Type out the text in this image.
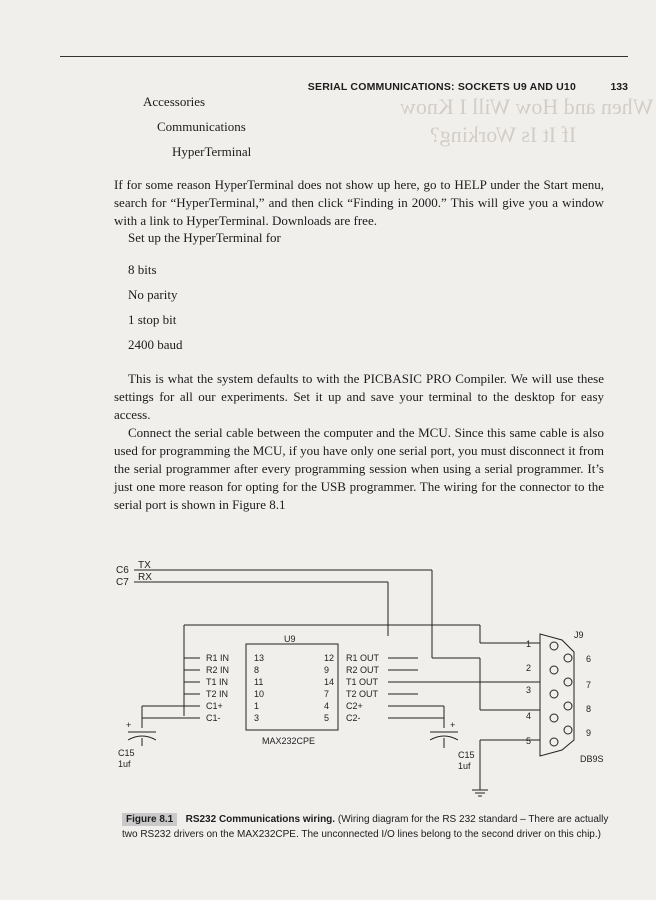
When and How Will I Know
If It Is Working?
SERIAL COMMUNICATIONS: SOCKETS U9 AND U10	133
Accessories
Communications
HyperTerminal

If for some reason HyperTerminal does not show up here, go to HELP under the Start menu, search for “HyperTerminal,” and then click “Finding in 2000.” This will give you a window with a link to HyperTerminal. Downloads are free.

Set up the HyperTerminal for
8 bits
No parity
1 stop bit
2400 baud

This is what the system defaults to with the PICBASIC PRO Compiler. We will use these settings for all our experiments. Set it up and save your terminal to the desktop for easy access.

Connect the serial cable between the computer and the MCU. Since this same cable is also used for programming the MCU, if you have only one serial port, you must disconnect it from the serial programmer after every programming session when using a serial programmer. It’s just one more reason for opting for the USB programmer. The wiring for the connector to the serial port is shown in Figure 8.1

TX
C6
RX
C7
U9
MAX232CPE
R1 IN
R2 IN
T1 IN
T2 IN
C1+
C1-
13
8
11
10
1
3
12
9
14
7
4
5
R1 OUT
R2 OUT
T1 OUT
T2 OUT
C2+
C2-
+
C15
1uf
+
C15
1uf
J9
DB9S
1
2
3
4
5
6
7
8
9
Figure 8.1 RS232 Communications wiring. (Wiring diagram for the RS 232 standard – There are actually two RS232 drivers on the MAX232CPE. The unconnected I/O lines belong to the second driver on this chip.)
